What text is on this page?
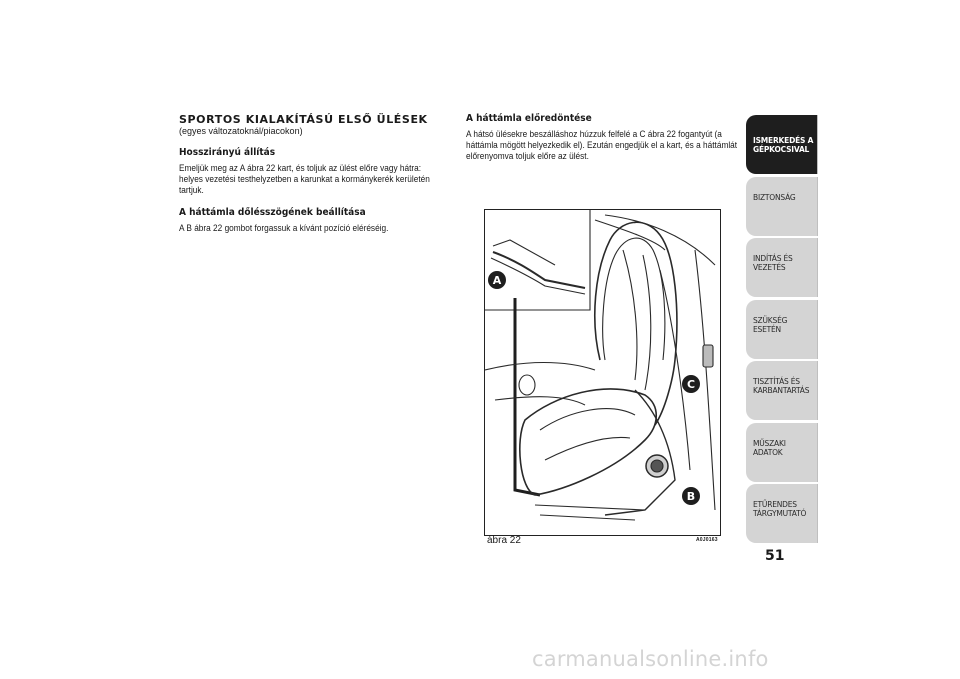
SPORTOS KIALAKÍTÁSÚ ELSŐ ÜLÉSEK

(egyes változatoknál/piacokon)

Hosszirányú állítás

Emeljük meg az A ábra 22 kart, és toljuk az ülést előre vagy hátra: helyes vezetési testhelyzetben a karunkat a kormánykerék kerületén tartjuk.

A háttámla dőlésszögének beállítása

A B ábra 22 gombot forgassuk a kívánt pozíció eléréséig.

A háttámla előredöntése

A hátsó ülésekre beszálláshoz húzzuk felfelé a C ábra 22 fogantyút (a háttámla mögött helyezkedik el). Ezután engedjük el a kart, és a háttámlát előrenyomva toljuk előre az ülést.

A
C
B
ábra 22	A0J0163
ISMERKEDÉS A GÉPKOCSIVAL
BIZTONSÁG
INDÍTÁS ÉS VEZETÉS
SZÜKSÉG ESETÉN
TISZTÍTÁS ÉS KARBANTARTÁS
MŰSZAKI ADATOK
ETŰRENDES TÁRGYMUTATÓ
51
carmanualsonline.info
